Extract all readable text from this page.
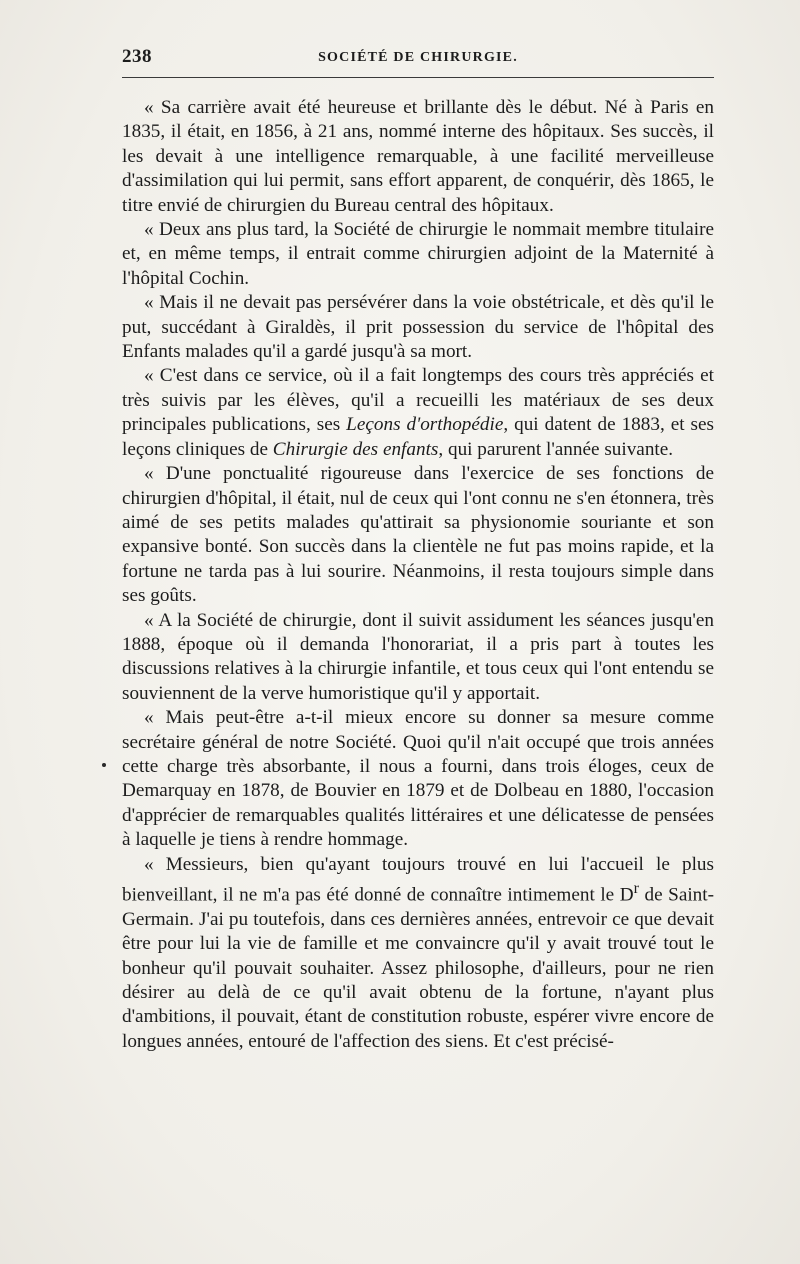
238	SOCIÉTÉ DE CHIRURGIE.

« Sa carrière avait été heureuse et brillante dès le début. Né à Paris en 1835, il était, en 1856, à 21 ans, nommé interne des hôpitaux. Ses succès, il les devait à une intelligence remarquable, à une facilité merveilleuse d'assimilation qui lui permit, sans effort apparent, de conquérir, dès 1865, le titre envié de chirurgien du Bureau central des hôpitaux.

« Deux ans plus tard, la Société de chirurgie le nommait membre titulaire et, en même temps, il entrait comme chirurgien adjoint de la Maternité à l'hôpital Cochin.

« Mais il ne devait pas persévérer dans la voie obstétricale, et dès qu'il le put, succédant à Giraldès, il prit possession du service de l'hôpital des Enfants malades qu'il a gardé jusqu'à sa mort.

« C'est dans ce service, où il a fait longtemps des cours très appréciés et très suivis par les élèves, qu'il a recueilli les matériaux de ses deux principales publications, ses Leçons d'orthopédie, qui datent de 1883, et ses leçons cliniques de Chirurgie des enfants, qui parurent l'année suivante.

« D'une ponctualité rigoureuse dans l'exercice de ses fonctions de chirurgien d'hôpital, il était, nul de ceux qui l'ont connu ne s'en étonnera, très aimé de ses petits malades qu'attirait sa physionomie souriante et son expansive bonté. Son succès dans la clientèle ne fut pas moins rapide, et la fortune ne tarda pas à lui sourire. Néanmoins, il resta toujours simple dans ses goûts.

« A la Société de chirurgie, dont il suivit assidument les séances jusqu'en 1888, époque où il demanda l'honorariat, il a pris part à toutes les discussions relatives à la chirurgie infantile, et tous ceux qui l'ont entendu se souviennent de la verve humoristique qu'il y apportait.

« Mais peut-être a-t-il mieux encore su donner sa mesure comme secrétaire général de notre Société. Quoi qu'il n'ait occupé que trois années cette charge très absorbante, il nous a fourni, dans trois éloges, ceux de Demarquay en 1878, de Bouvier en 1879 et de Dolbeau en 1880, l'occasion d'apprécier de remarquables qualités littéraires et une délicatesse de pensées à laquelle je tiens à rendre hommage.

« Messieurs, bien qu'ayant toujours trouvé en lui l'accueil le plus bienveillant, il ne m'a pas été donné de connaître intimement le $D^r$ de Saint-Germain. J'ai pu toutefois, dans ces dernières années, entrevoir ce que devait être pour lui la vie de famille et me convaincre qu'il y avait trouvé tout le bonheur qu'il pouvait souhaiter. Assez philosophe, d'ailleurs, pour ne rien désirer au delà de ce qu'il avait obtenu de la fortune, n'ayant plus d'ambitions, il pouvait, étant de constitution robuste, espérer vivre encore de longues années, entouré de l'affection des siens. Et c'est précisé-
